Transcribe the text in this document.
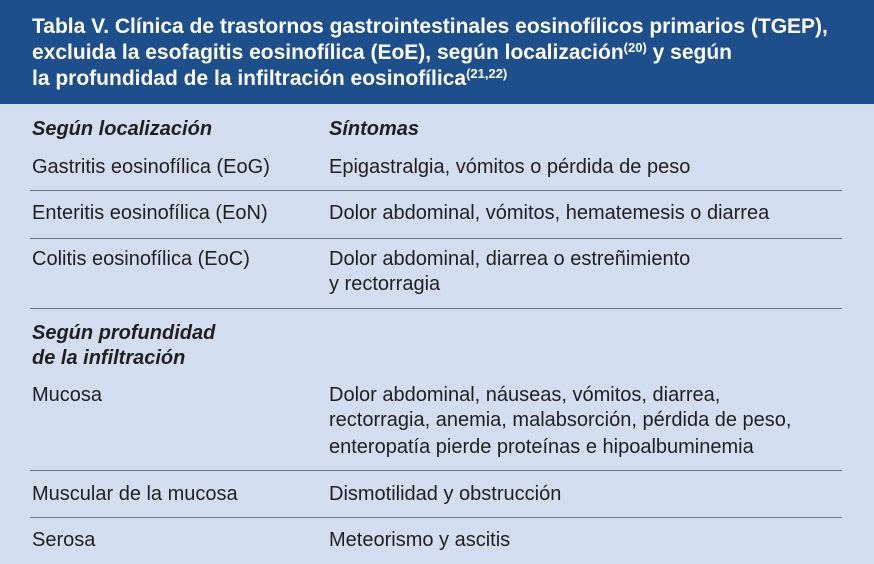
Tabla V. Clínica de trastornos gastrointestinales eosinofílicos primarios (TGEP),
excluida la esofagitis eosinofílica (EoE), según localización$^{(20)}$ y según
la profundidad de la infiltración eosinofílica$^{(21,22)}$
Según localización	Síntomas
Gastritis eosinofílica (EoG)	Epigastralgia, vómitos o pérdida de peso
Enteritis eosinofílica (EoN)	Dolor abdominal, vómitos, hematemesis o diarrea
Colitis eosinofílica (EoC)	Dolor abdominal, diarrea o estreñimiento
y rectorragia
Según profundidad
de la infiltración
Mucosa	Dolor abdominal, náuseas, vómitos, diarrea,
rectorragia, anemia, malabsorción, pérdida de peso,
enteropatía pierde proteínas e hipoalbuminemia
Muscular de la mucosa	Dismotilidad y obstrucción
Serosa	Meteorismo y ascitis
